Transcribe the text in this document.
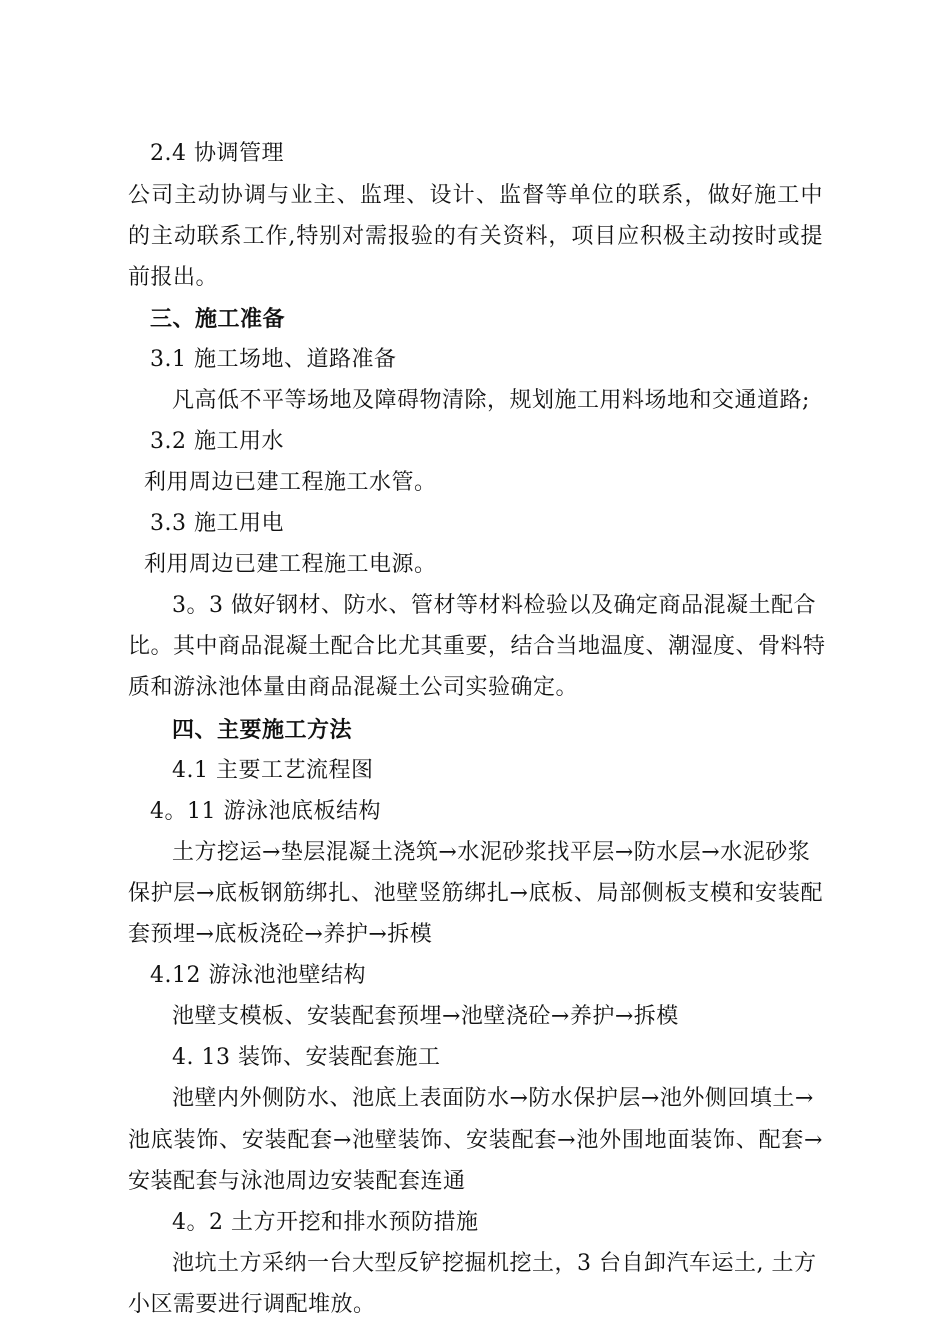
2.4 协调管理
公司主动协调与业主、监理、设计、监督等单位的联系，做好施工中
的主动联系工作,特别对需报验的有关资料，项目应积极主动按时或提
前报出。
三、施工准备
3.1 施工场地、道路准备
凡高低不平等场地及障碍物清除，规划施工用料场地和交通道路;
3.2 施工用水
利用周边已建工程施工水管。
3.3 施工用电
利用周边已建工程施工电源。
3。3 做好钢材、防水、管材等材料检验以及确定商品混凝土配合
比。其中商品混凝土配合比尤其重要，结合当地温度、潮湿度、骨料特
质和游泳池体量由商品混凝土公司实验确定。
四、主要施工方法
4.1 主要工艺流程图
4。11 游泳池底板结构
土方挖运→垫层混凝土浇筑→水泥砂浆找平层→防水层→水泥砂浆
保护层→底板钢筋绑扎、池壁竖筋绑扎→底板、局部侧板支模和安装配
套预埋→底板浇砼→养护→拆模
4.12 游泳池池壁结构
池壁支模板、安装配套预埋→池壁浇砼→养护→拆模
4. 13 装饰、安装配套施工
池壁内外侧防水、池底上表面防水→防水保护层→池外侧回填土→
池底装饰、安装配套→池壁装饰、安装配套→池外围地面装饰、配套→
安装配套与泳池周边安装配套连通
4。2 土方开挖和排水预防措施
池坑土方采纳一台大型反铲挖掘机挖土，3 台自卸汽车运土, 土方
小区需要进行调配堆放。
